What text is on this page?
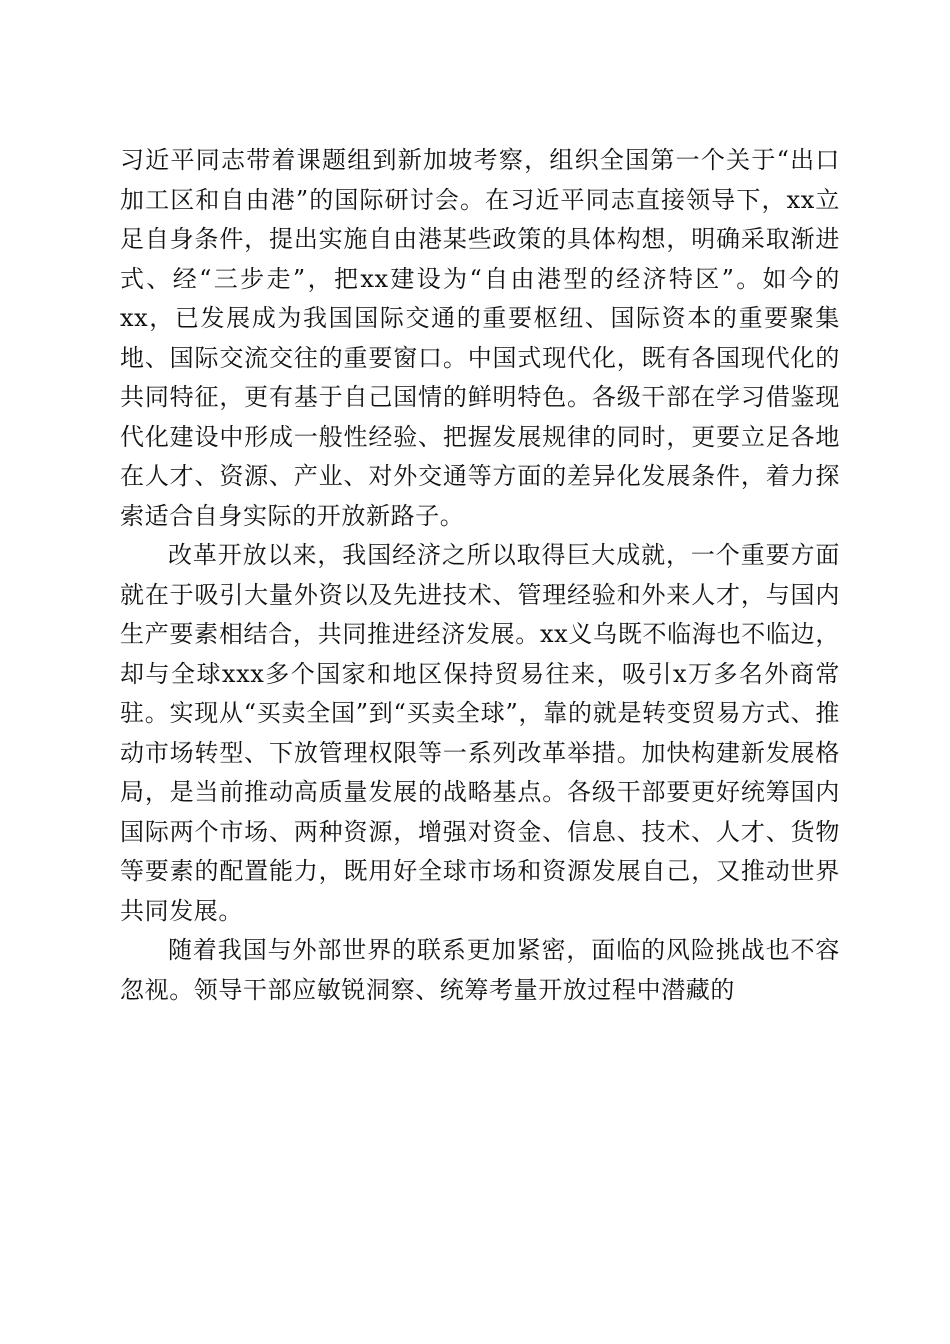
习近平同志带着课题组到新加坡考察，组织全国第一个关于“出口加工区和自由港”的国际研讨会。在习近平同志直接领导下，xx立足自身条件，提出实施自由港某些政策的具体构想，明确采取渐进式、经“三步走”，把xx建设为“自由港型的经济特区”。如今的xx，已发展成为我国国际交通的重要枢纽、国际资本的重要聚集地、国际交流交往的重要窗口。中国式现代化，既有各国现代化的共同特征，更有基于自己国情的鲜明特色。各级干部在学习借鉴现代化建设中形成一般性经验、把握发展规律的同时，更要立足各地在人才、资源、产业、对外交通等方面的差异化发展条件，着力探索适合自身实际的开放新路子。

改革开放以来，我国经济之所以取得巨大成就，一个重要方面就在于吸引大量外资以及先进技术、管理经验和外来人才，与国内生产要素相结合，共同推进经济发展。xx义乌既不临海也不临边，却与全球xxx多个国家和地区保持贸易往来，吸引x万多名外商常驻。实现从“买卖全国”到“买卖全球”，靠的就是转变贸易方式、推动市场转型、下放管理权限等一系列改革举措。加快构建新发展格局，是当前推动高质量发展的战略基点。各级干部要更好统筹国内国际两个市场、两种资源，增强对资金、信息、技术、人才、货物等要素的配置能力，既用好全球市场和资源发展自己，又推动世界共同发展。

随着我国与外部世界的联系更加紧密，面临的风险挑战也不容忽视。领导干部应敏锐洞察、统筹考量开放过程中潜藏的
